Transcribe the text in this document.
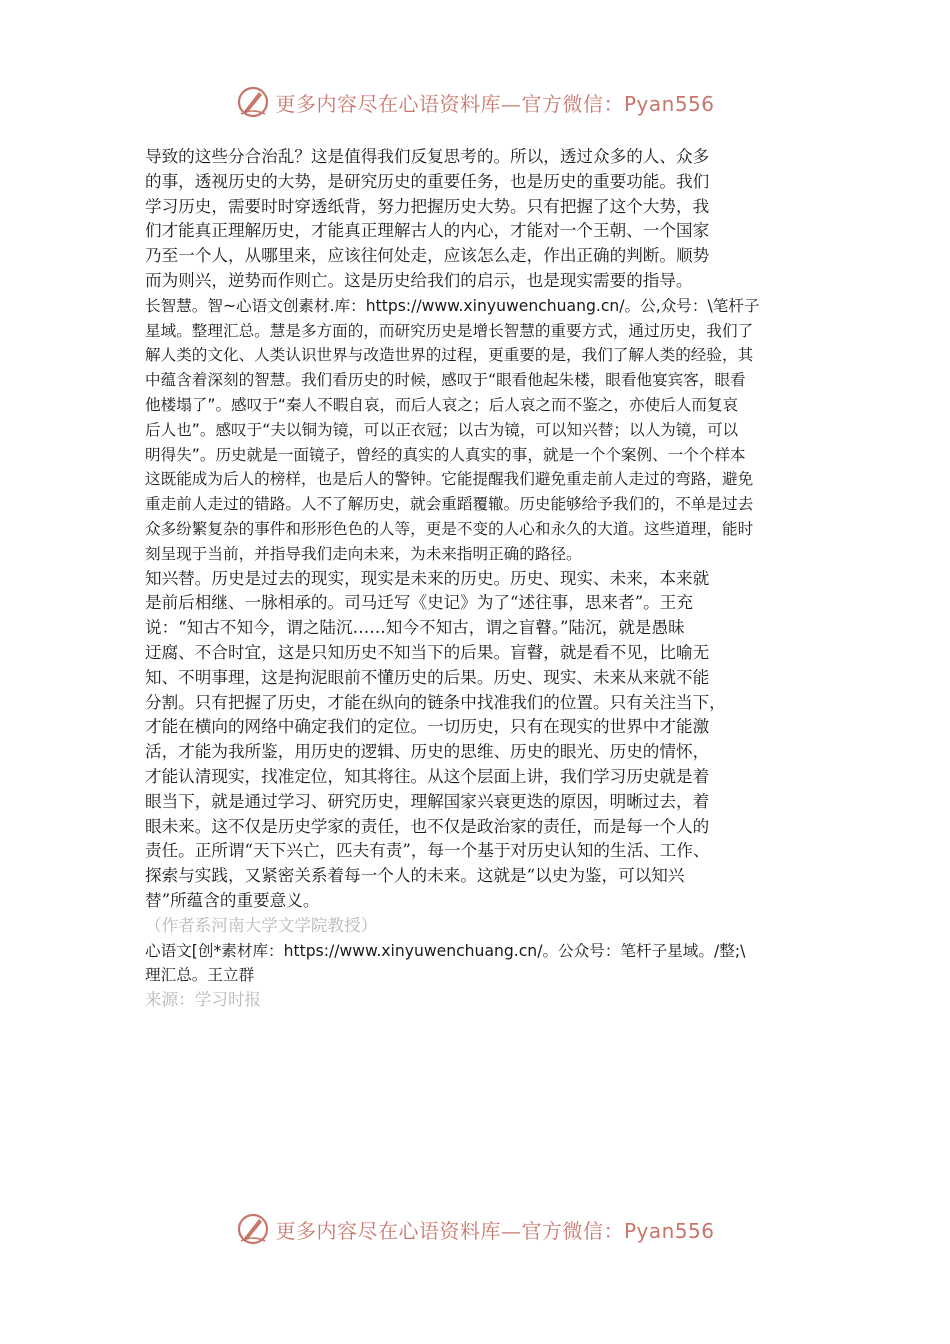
更多内容尽在心语资料库—官方微信：Pyan556
导致的这些分合治乱？这是值得我们反复思考的。所以，透过众多的人、众多
的事，透视历史的大势，是研究历史的重要任务，也是历史的重要功能。我们
学习历史，需要时时穿透纸背，努力把握历史大势。只有把握了这个大势，我
们才能真正理解历史，才能真正理解古人的内心，才能对一个王朝、一个国家
乃至一个人，从哪里来，应该往何处走，应该怎么走，作出正确的判断。顺势
而为则兴，逆势而作则亡。这是历史给我们的启示，也是现实需要的指导。
长智慧。智~心语文创素材.库：https://www.xinyuwenchuang.cn/。公,众号：\笔杆子
星域。整理汇总。慧是多方面的，而研究历史是增长智慧的重要方式，通过历史，我们了
解人类的文化、人类认识世界与改造世界的过程，更重要的是，我们了解人类的经验，其
中蕴含着深刻的智慧。我们看历史的时候，感叹于“眼看他起朱楼，眼看他宴宾客，眼看
他楼塌了”。感叹于“秦人不暇自哀，而后人哀之；后人哀之而不鉴之，亦使后人而复哀
后人也”。感叹于“夫以铜为镜，可以正衣冠；以古为镜，可以知兴替；以人为镜，可以
明得失”。历史就是一面镜子，曾经的真实的人真实的事，就是一个个案例、一个个样本
这既能成为后人的榜样，也是后人的警钟。它能提醒我们避免重走前人走过的弯路，避免
重走前人走过的错路。人不了解历史，就会重蹈覆辙。历史能够给予我们的，不单是过去
众多纷繁复杂的事件和形形色色的人等，更是不变的人心和永久的大道。这些道理，能时
刻呈现于当前，并指导我们走向未来，为未来指明正确的路径。
知兴替。历史是过去的现实，现实是未来的历史。历史、现实、未来，本来就
是前后相继、一脉相承的。司马迁写《史记》为了“述往事，思来者”。王充
说：“知古不知今，谓之陆沉……知今不知古，谓之盲瞽。”陆沉，就是愚昧
迂腐、不合时宜，这是只知历史不知当下的后果。盲瞽，就是看不见，比喻无
知、不明事理，这是拘泥眼前不懂历史的后果。历史、现实、未来从来就不能
分割。只有把握了历史，才能在纵向的链条中找准我们的位置。只有关注当下，
才能在横向的网络中确定我们的定位。一切历史，只有在现实的世界中才能激
活，才能为我所鉴，用历史的逻辑、历史的思维、历史的眼光、历史的情怀，
才能认清现实，找准定位，知其将往。从这个层面上讲，我们学习历史就是着
眼当下，就是通过学习、研究历史，理解国家兴衰更迭的原因，明晰过去，着
眼未来。这不仅是历史学家的责任，也不仅是政治家的责任，而是每一个人的
责任。正所谓“天下兴亡，匹夫有责”，每一个基于对历史认知的生活、工作、
探索与实践，又紧密关系着每一个人的未来。这就是“以史为鉴，可以知兴
替”所蕴含的重要意义。
（作者系河南大学文学院教授）
心语文[创*素材库：https://www.xinyuwenchuang.cn/。公众号：笔杆子星域。/整;\
理汇总。王立群
来源：学习时报
更多内容尽在心语资料库—官方微信：Pyan556
